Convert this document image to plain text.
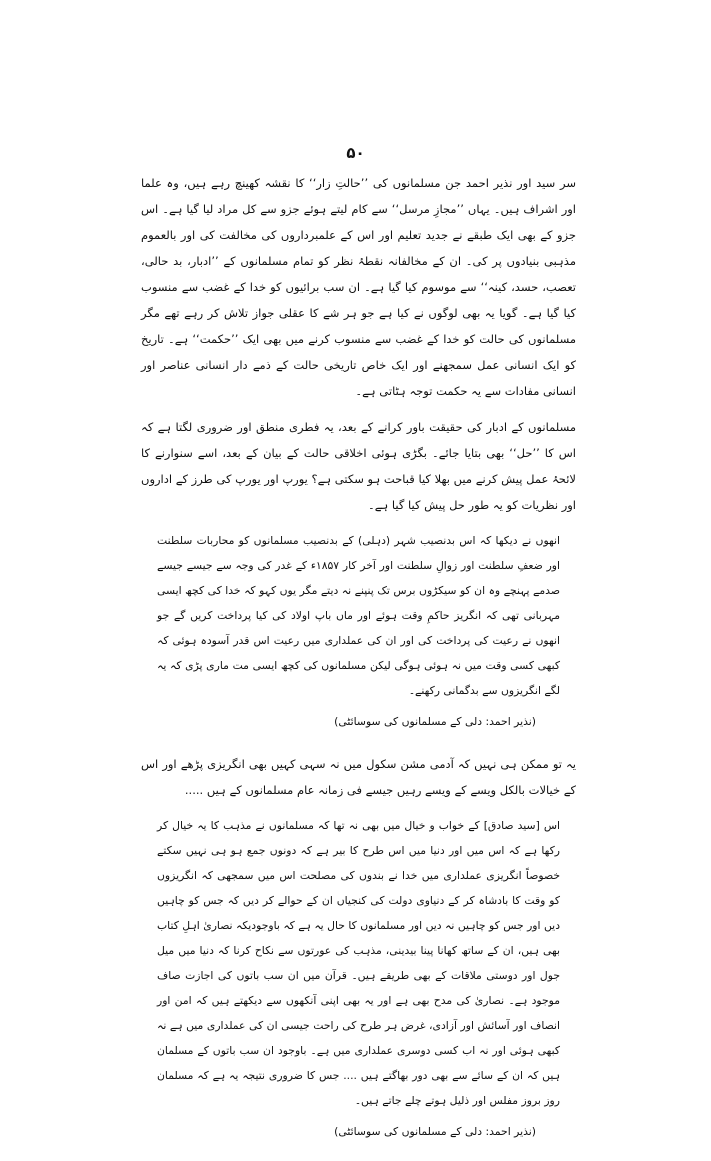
۵۰

سر سید اور نذیر احمد جن مسلمانوں کی ’’حالتِ زار‘‘ کا نقشہ کھینچ رہے ہیں، وہ علما اور اشراف ہیں۔ یہاں ’’مجازِ مرسل‘‘ سے کام لیتے ہوئے جزو سے کل مراد لیا گیا ہے۔ اس جزو کے بھی ایک طبقے نے جدید تعلیم اور اس کے علمبرداروں کی مخالفت کی اور بالعموم مذہبی بنیادوں پر کی۔ ان کے مخالفانہ نقطۂ نظر کو تمام مسلمانوں کے ’’ادبار، بد حالی، تعصب، حسد، کینہ‘‘ سے موسوم کیا گیا ہے۔ ان سب برائیوں کو خدا کے غضب سے منسوب کیا گیا ہے۔ گویا یہ بھی لوگوں نے کیا ہے جو ہر شے کا عقلی جواز تلاش کر رہے تھے مگر مسلمانوں کی حالت کو خدا کے غضب سے منسوب کرنے میں بھی ایک ’’حکمت‘‘ ہے۔ تاریخ کو ایک انسانی عمل سمجھنے اور ایک خاص تاریخی حالت کے ذمے دار انسانی عناصر اور انسانی مفادات سے یہ حکمت توجہ ہٹاتی ہے۔

مسلمانوں کے ادبار کی حقیقت باور کرانے کے بعد، یہ فطری منطق اور ضروری لگتا ہے کہ اس کا ’’حل‘‘ بھی بتایا جائے۔ بگڑی ہوئی اخلاقی حالت کے بیان کے بعد، اسے سنوارنے کا لائحۂ عمل پیش کرنے میں بھلا کیا قباحت ہو سکتی ہے؟ یورپ اور یورپ کی طرز کے اداروں اور نظریات کو یہ طور حل پیش کیا گیا ہے۔

انھوں نے دیکھا کہ اس بدنصیب شہر (دہلی) کے بدنصیب مسلمانوں کو محاربات سلطنت اور ضعفِ سلطنت اور زوالِ سلطنت اور آخر کار ۱۸۵۷ء کے غدر کی وجہ سے جیسے جیسے صدمے پہنچے وہ ان کو سیکڑوں برس تک پنپنے نہ دیتے مگر یوں کہو کہ خدا کی کچھ ایسی مہربانی تھی کہ انگریز حاکمِ وقت ہوئے اور ماں باپ اولاد کی کیا پرداخت کریں گے جو انھوں نے رعیت کی پرداخت کی اور ان کی عملداری میں رعیت اس قدر آسودہ ہوئی کہ کبھی کسی وقت میں نہ ہوئی ہوگی لیکن مسلمانوں کی کچھ ایسی مت ماری پڑی کہ یہ لگے انگریزوں سے بدگمانی رکھنے۔

(نذیر احمد: دلی کے مسلمانوں کی سوسائٹی)

یہ تو ممکن ہی نہیں کہ آدمی مشن سکول میں نہ سہی کہیں بھی انگریزی پڑھے اور اس کے خیالات بالکل ویسے کے ویسے رہیں جیسے فی زمانہ عام مسلمانوں کے ہیں .....

اس [سید صادق] کے خواب و خیال میں بھی نہ تھا کہ مسلمانوں نے مذہب کا یہ خیال کر رکھا ہے کہ اس میں اور دنیا میں اس طرح کا بیر ہے کہ دونوں جمع ہو ہی نہیں سکتے خصوصاً انگریزی عملداری میں خدا نے بندوں کی مصلحت اس میں سمجھی کہ انگریزوں کو وقت کا بادشاہ کر کے دنیاوی دولت کی کنجیاں ان کے حوالے کر دیں کہ جس کو چاہیں دیں اور جس کو چاہیں نہ دیں اور مسلمانوں کا حال یہ ہے کہ باوجودیکہ نصاریٰ اہلِ کتاب بھی ہیں، ان کے ساتھ کھانا پینا بیدینی، مذہب کی عورتوں سے نکاح کرنا کہ دنیا میں میل جول اور دوستی ملاقات کے بھی طریقے ہیں۔ قرآن میں ان سب باتوں کی اجازت صاف موجود ہے۔ نصاریٰ کی مدح بھی ہے اور یہ بھی اپنی آنکھوں سے دیکھتے ہیں کہ امن اور انصاف اور آسائش اور آزادی، غرض ہر طرح کی راحت جیسی ان کی عملداری میں ہے نہ کبھی ہوئی اور نہ اب کسی دوسری عملداری میں ہے۔ باوجود ان سب باتوں کے مسلمان ہیں کہ ان کے سائے سے بھی دور بھاگتے ہیں .... جس کا ضروری نتیجہ یہ ہے کہ مسلمان روز بروز مفلس اور ذلیل ہوتے چلے جاتے ہیں۔

(نذیر احمد: دلی کے مسلمانوں کی سوسائٹی)
